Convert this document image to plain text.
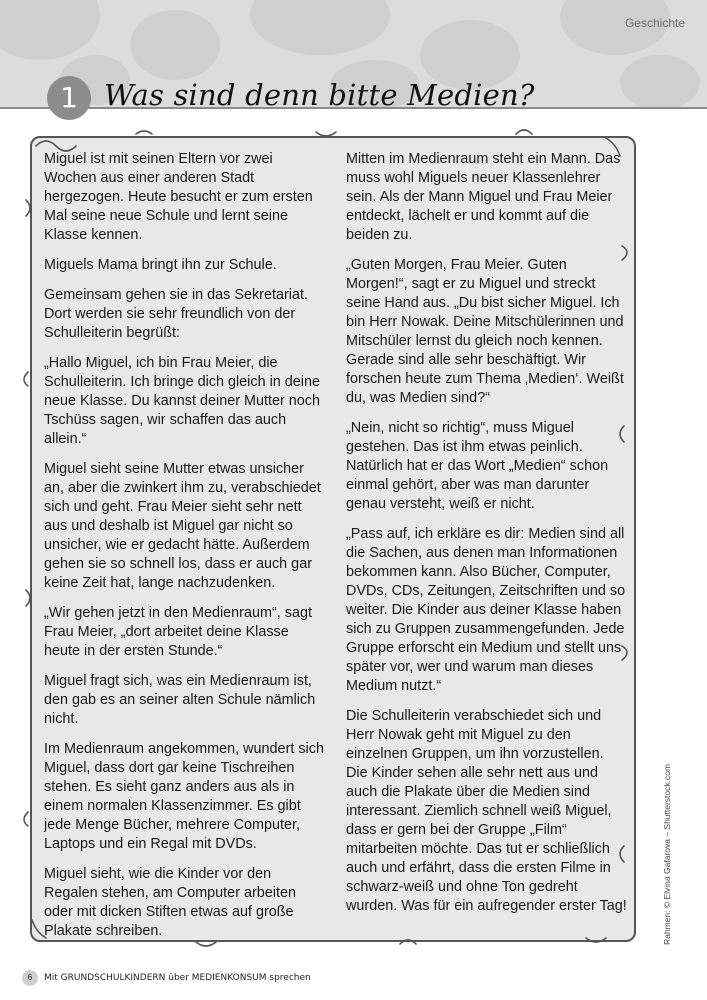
Geschichte
1 Was sind denn bitte Medien?

Miguel ist mit seinen Eltern vor zwei Wochen aus einer anderen Stadt hergezogen. Heute besucht er zum ersten Mal seine neue Schule und lernt seine Klasse kennen.

Miguels Mama bringt ihn zur Schule.

Gemeinsam gehen sie in das Sekretariat. Dort werden sie sehr freundlich von der Schulleiterin begrüßt:

„Hallo Miguel, ich bin Frau Meier, die Schulleiterin. Ich bringe dich gleich in deine neue Klasse. Du kannst deiner Mutter noch Tschüss sagen, wir schaffen das auch allein.“

Miguel sieht seine Mutter etwas unsicher an, aber die zwinkert ihm zu, verabschiedet sich und geht. Frau Meier sieht sehr nett aus und deshalb ist Miguel gar nicht so unsicher, wie er gedacht hätte. Außerdem gehen sie so schnell los, dass er auch gar keine Zeit hat, lange nachzudenken.

„Wir gehen jetzt in den Medienraum“, sagt Frau Meier, „dort arbeitet deine Klasse heute in der ersten Stunde.“

Miguel fragt sich, was ein Medienraum ist, den gab es an seiner alten Schule nämlich nicht.

Im Medienraum angekommen, wundert sich Miguel, dass dort gar keine Tischreihen stehen. Es sieht ganz anders aus als in einem normalen Klassenzimmer. Es gibt jede Menge Bücher, mehrere Computer, Laptops und ein Regal mit DVDs.

Miguel sieht, wie die Kinder vor den Regalen stehen, am Computer arbeiten oder mit dicken Stiften etwas auf große Plakate schreiben.

Mitten im Medienraum steht ein Mann. Das muss wohl Miguels neuer Klassenlehrer sein. Als der Mann Miguel und Frau Meier entdeckt, lächelt er und kommt auf die beiden zu.

„Guten Morgen, Frau Meier. Guten Morgen!“, sagt er zu Miguel und streckt seine Hand aus. „Du bist sicher Miguel. Ich bin Herr Nowak. Deine Mitschülerinnen und Mitschüler lernst du gleich noch kennen. Gerade sind alle sehr beschäftigt. Wir forschen heute zum Thema ‚Medien‘. Weißt du, was Medien sind?“

„Nein, nicht so richtig“, muss Miguel gestehen. Das ist ihm etwas peinlich. Natürlich hat er das Wort „Medien“ schon einmal gehört, aber was man darunter genau versteht, weiß er nicht.

„Pass auf, ich erkläre es dir: Medien sind all die Sachen, aus denen man Informationen bekommen kann. Also Bücher, Computer, DVDs, CDs, Zeitungen, Zeitschriften und so weiter. Die Kinder aus deiner Klasse haben sich zu Gruppen zusammengefunden. Jede Gruppe erforscht ein Medium und stellt uns später vor, wer und warum man dieses Medium nutzt.“

Die Schulleiterin verabschiedet sich und Herr Nowak geht mit Miguel zu den einzelnen Gruppen, um ihn vorzustellen. Die Kinder sehen alle sehr nett aus und auch die Plakate über die Medien sind interessant. Ziemlich schnell weiß Miguel, dass er gern bei der Gruppe „Film“ mitarbeiten möchte. Das tut er schließlich auch und erfährt, dass die ersten Filme in schwarz-weiß und ohne Ton gedreht wurden. Was für ein aufregender erster Tag!	Rahmen: © Elvina Gafarova – Shutterstock.com
6 Mit GRUNDSCHULKINDERN über MEDIENKONSUM sprechen
